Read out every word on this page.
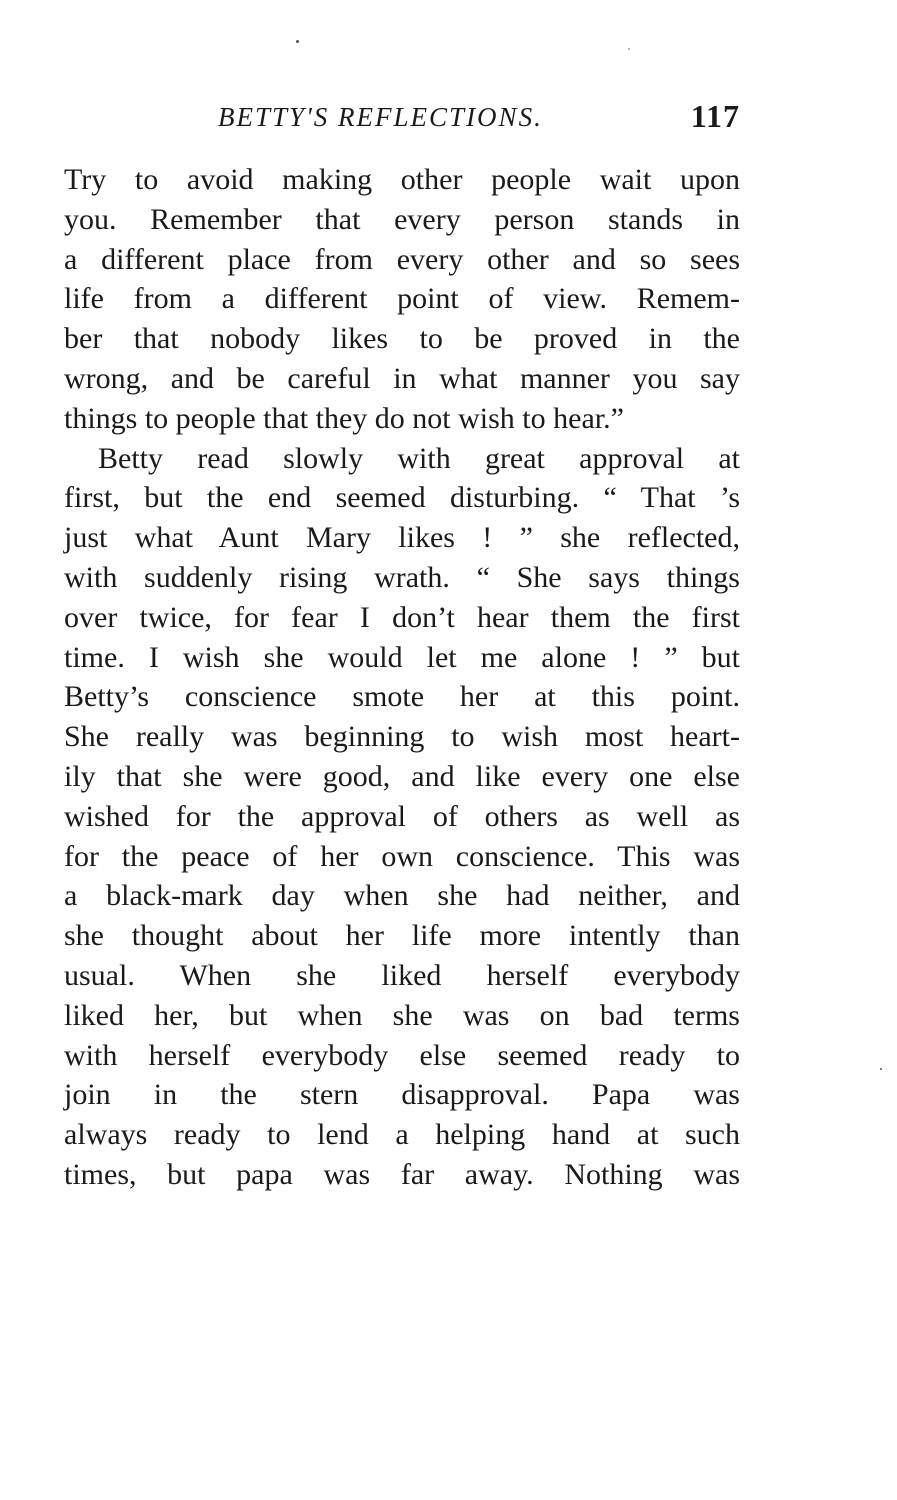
BETTY'S REFLECTIONS.	117
Try to avoid making other people wait upon
you. Remember that every person stands in
a different place from every other and so sees
life from a different point of view. Remem-
ber that nobody likes to be proved in the
wrong, and be careful in what manner you say
things to people that they do not wish to hear.”
Betty read slowly with great approval at
first, but the end seemed disturbing. “ That ’s
just what Aunt Mary likes ! ” she reflected,
with suddenly rising wrath. “ She says things
over twice, for fear I don’t hear them the first
time. I wish she would let me alone ! ” but
Betty’s conscience smote her at this point.
She really was beginning to wish most heart-
ily that she were good, and like every one else
wished for the approval of others as well as
for the peace of her own conscience. This was
a black-mark day when she had neither, and
she thought about her life more intently than
usual. When she liked herself everybody
liked her, but when she was on bad terms
with herself everybody else seemed ready to
join in the stern disapproval. Papa was
always ready to lend a helping hand at such
times, but papa was far away. Nothing was
